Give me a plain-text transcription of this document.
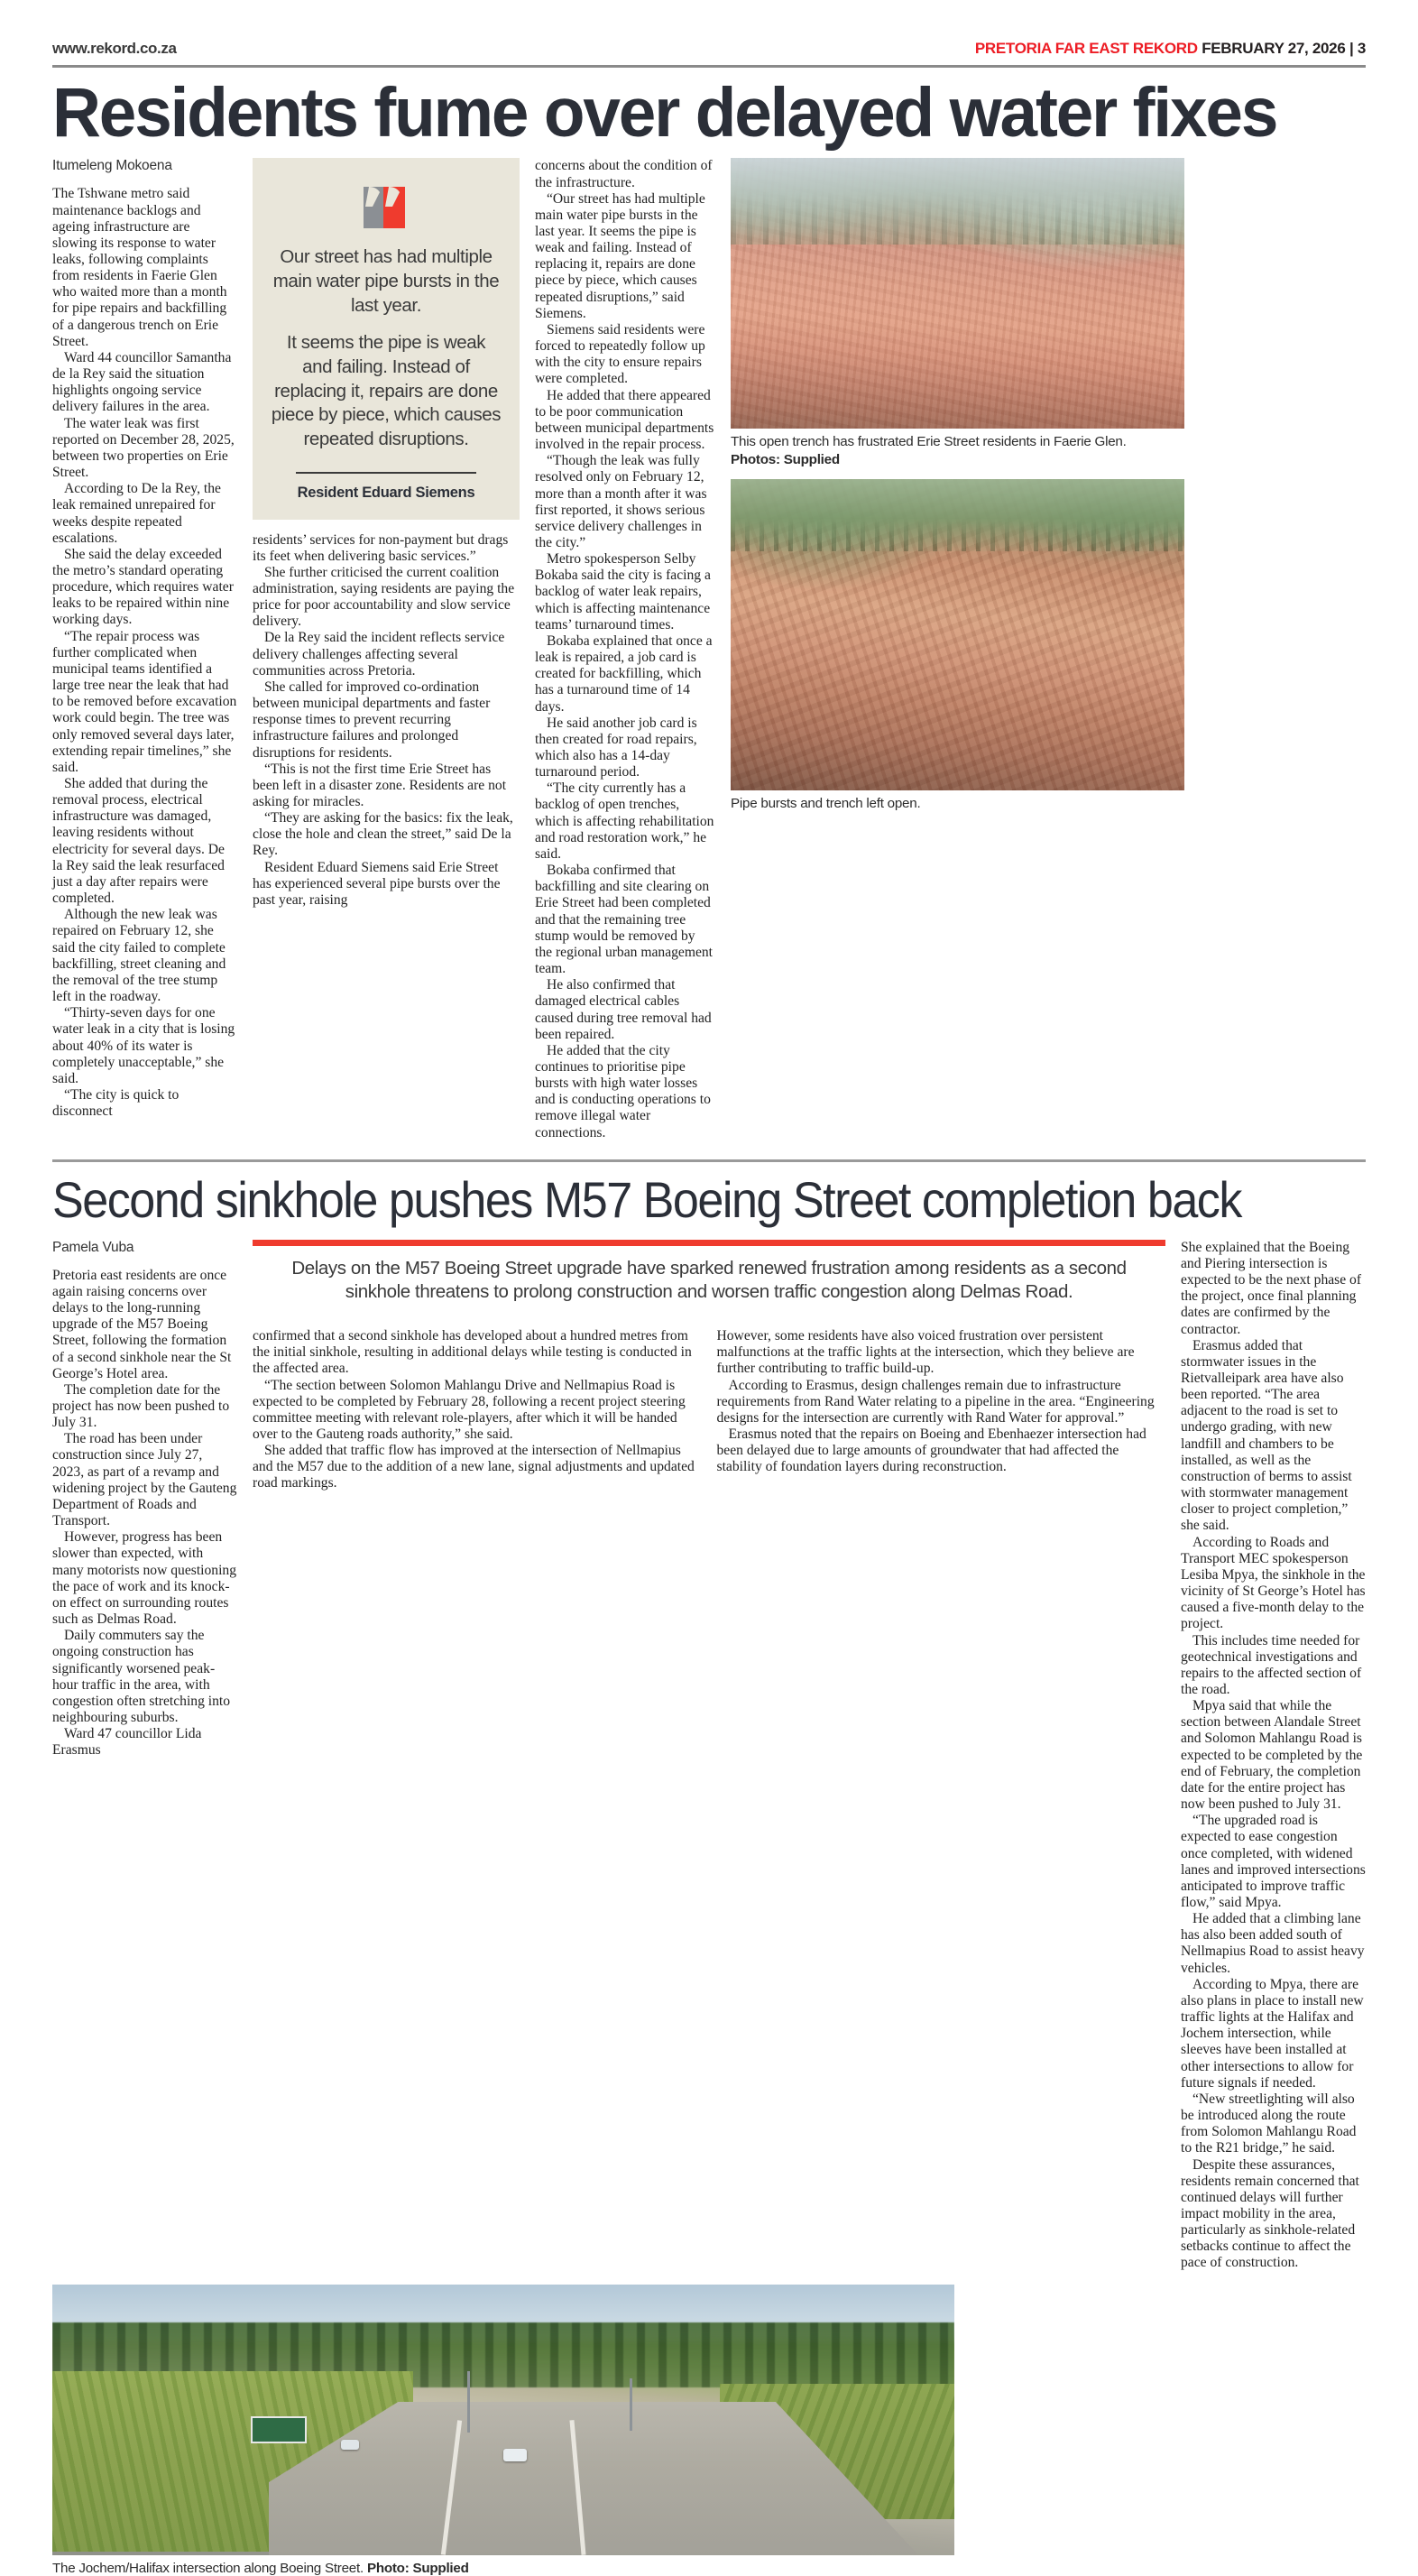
www.rekord.co.za	PRETORIA FAR EAST REKORD FEBRUARY 27, 2026 | 3
Residents fume over delayed water fixes
Itumeleng Mokoena

The Tshwane metro said maintenance backlogs and ageing infrastructure are slowing its response to water leaks, following complaints from residents in Faerie Glen who waited more than a month for pipe repairs and backfilling of a dangerous trench on Erie Street.

Ward 44 councillor Samantha de la Rey said the situation highlights ongoing service delivery failures in the area.

The water leak was first reported on December 28, 2025, between two properties on Erie Street.

According to De la Rey, the leak remained unrepaired for weeks despite repeated escalations.

She said the delay exceeded the metro’s standard operating procedure, which requires water leaks to be repaired within nine working days.

“The repair process was further complicated when municipal teams identified a large tree near the leak that had to be removed before excavation work could begin. The tree was only removed several days later, extending repair timelines,” she said.

She added that during the removal process, electrical infrastructure was damaged, leaving residents without electricity for several days. De la Rey said the leak resurfaced just a day after repairs were completed.

Although the new leak was repaired on February 12, she said the city failed to complete backfilling, street cleaning and the removal of the tree stump left in the roadway.

“Thirty-seven days for one water leak in a city that is losing about 40% of its water is completely unacceptable,” she said.

“The city is quick to disconnect

Our street has had multiple main water pipe bursts in the last year.

It seems the pipe is weak and failing. Instead of replacing it, repairs are done piece by piece, which causes repeated disruptions.

Resident Eduard Siemens

residents’ services for non-payment but drags its feet when delivering basic services.”

She further criticised the current coalition administration, saying residents are paying the price for poor accountability and slow service delivery.

De la Rey said the incident reflects service delivery challenges affecting several communities across Pretoria.

She called for improved co-ordination between municipal departments and faster response times to prevent recurring infrastructure failures and prolonged disruptions for residents.

“This is not the first time Erie Street has been left in a disaster zone. Residents are not asking for miracles.

“They are asking for the basics: fix the leak, close the hole and clean the street,” said De la Rey.

Resident Eduard Siemens said Erie Street has experienced several pipe bursts over the past year, raising

concerns about the condition of the infrastructure.

“Our street has had multiple main water pipe bursts in the last year. It seems the pipe is weak and failing. Instead of replacing it, repairs are done piece by piece, which causes repeated disruptions,” said Siemens.

Siemens said residents were forced to repeatedly follow up with the city to ensure repairs were completed.

He added that there appeared to be poor communication between municipal departments involved in the repair process.

“Though the leak was fully resolved only on February 12, more than a month after it was first reported, it shows serious service delivery challenges in the city.”

Metro spokesperson Selby Bokaba said the city is facing a backlog of water leak repairs, which is affecting maintenance teams’ turnaround times.

Bokaba explained that once a leak is repaired, a job card is created for backfilling, which has a turnaround time of 14 days.

He said another job card is then created for road repairs, which also has a 14-day turnaround period.

“The city currently has a backlog of open trenches, which is affecting rehabilitation and road restoration work,” he said.

Bokaba confirmed that backfilling and site clearing on Erie Street had been completed and that the remaining tree stump would be removed by the regional urban management team.

He also confirmed that damaged electrical cables caused during tree removal had been repaired.

He added that the city continues to prioritise pipe bursts with high water losses and is conducting operations to remove illegal water connections.

This open trench has frustrated Erie Street residents in Faerie Glen.
Photos: Supplied
Pipe bursts and trench left open.
Second sinkhole pushes M57 Boeing Street completion back
Pamela Vuba

Pretoria east residents are once again raising concerns over delays to the long-running upgrade of the M57 Boeing Street, following the formation of a second sinkhole near the St George’s Hotel area.

The completion date for the project has now been pushed to July 31.

The road has been under construction since July 27, 2023, as part of a revamp and widening project by the Gauteng Department of Roads and Transport.

However, progress has been slower than expected, with many motorists now questioning the pace of work and its knock-on effect on surrounding routes such as Delmas Road.

Daily commuters say the ongoing construction has significantly worsened peak-hour traffic in the area, with congestion often stretching into neighbouring suburbs.

Ward 47 councillor Lida Erasmus

Delays on the M57 Boeing Street upgrade have sparked renewed frustration among residents as a second sinkhole threatens to prolong construction and worsen traffic congestion along Delmas Road.

confirmed that a second sinkhole has developed about a hundred metres from the initial sinkhole, resulting in additional delays while testing is conducted in the affected area.

“The section between Solomon Mahlangu Drive and Nellmapius Road is expected to be completed by February 28, following a recent project steering committee meeting with relevant role-players, after which it will be handed over to the Gauteng roads authority,” she said.

She added that traffic flow has improved at the intersection of Nellmapius and the M57 due to the addition of a new lane, signal adjustments and updated road markings.

However, some residents have also voiced frustration over persistent malfunctions at the traffic lights at the intersection, which they believe are further contributing to traffic build-up.

According to Erasmus, design challenges remain due to infrastructure requirements from Rand Water relating to a pipeline in the area. “Engineering designs for the intersection are currently with Rand Water for approval.”

Erasmus noted that the repairs on Boeing and Ebenhaezer intersection had been delayed due to large amounts of groundwater that had affected the stability of foundation layers during reconstruction.

She explained that the Boeing and Piering intersection is expected to be the next phase of the project, once final planning dates are confirmed by the contractor.

Erasmus added that stormwater issues in the Rietvalleipark area have also been reported. “The area adjacent to the road is set to undergo grading, with new landfill and chambers to be installed, as well as the construction of berms to assist with stormwater management closer to project completion,” she said.

According to Roads and Transport MEC spokesperson Lesiba Mpya, the sinkhole in the vicinity of St George’s Hotel has caused a five-month delay to the project.

This includes time needed for geotechnical investigations and repairs to the affected section of the road.

Mpya said that while the section between Alandale Street and Solomon Mahlangu Road is expected to be completed by the end of February, the completion date for the entire project has now been pushed to July 31.

“The upgraded road is expected to ease congestion once completed, with widened lanes and improved intersections anticipated to improve traffic flow,” said Mpya.

He added that a climbing lane has also been added south of Nellmapius Road to assist heavy vehicles.

According to Mpya, there are also plans in place to install new traffic lights at the Halifax and Jochem intersection, while sleeves have been installed at other intersections to allow for future signals if needed.

“New streetlighting will also be introduced along the route from Solomon Mahlangu Road to the R21 bridge,” he said.

Despite these assurances, residents remain concerned that continued delays will further impact mobility in the area, particularly as sinkhole-related setbacks continue to affect the pace of construction.

The Jochem/Halifax intersection along Boeing Street. Photo: Supplied
